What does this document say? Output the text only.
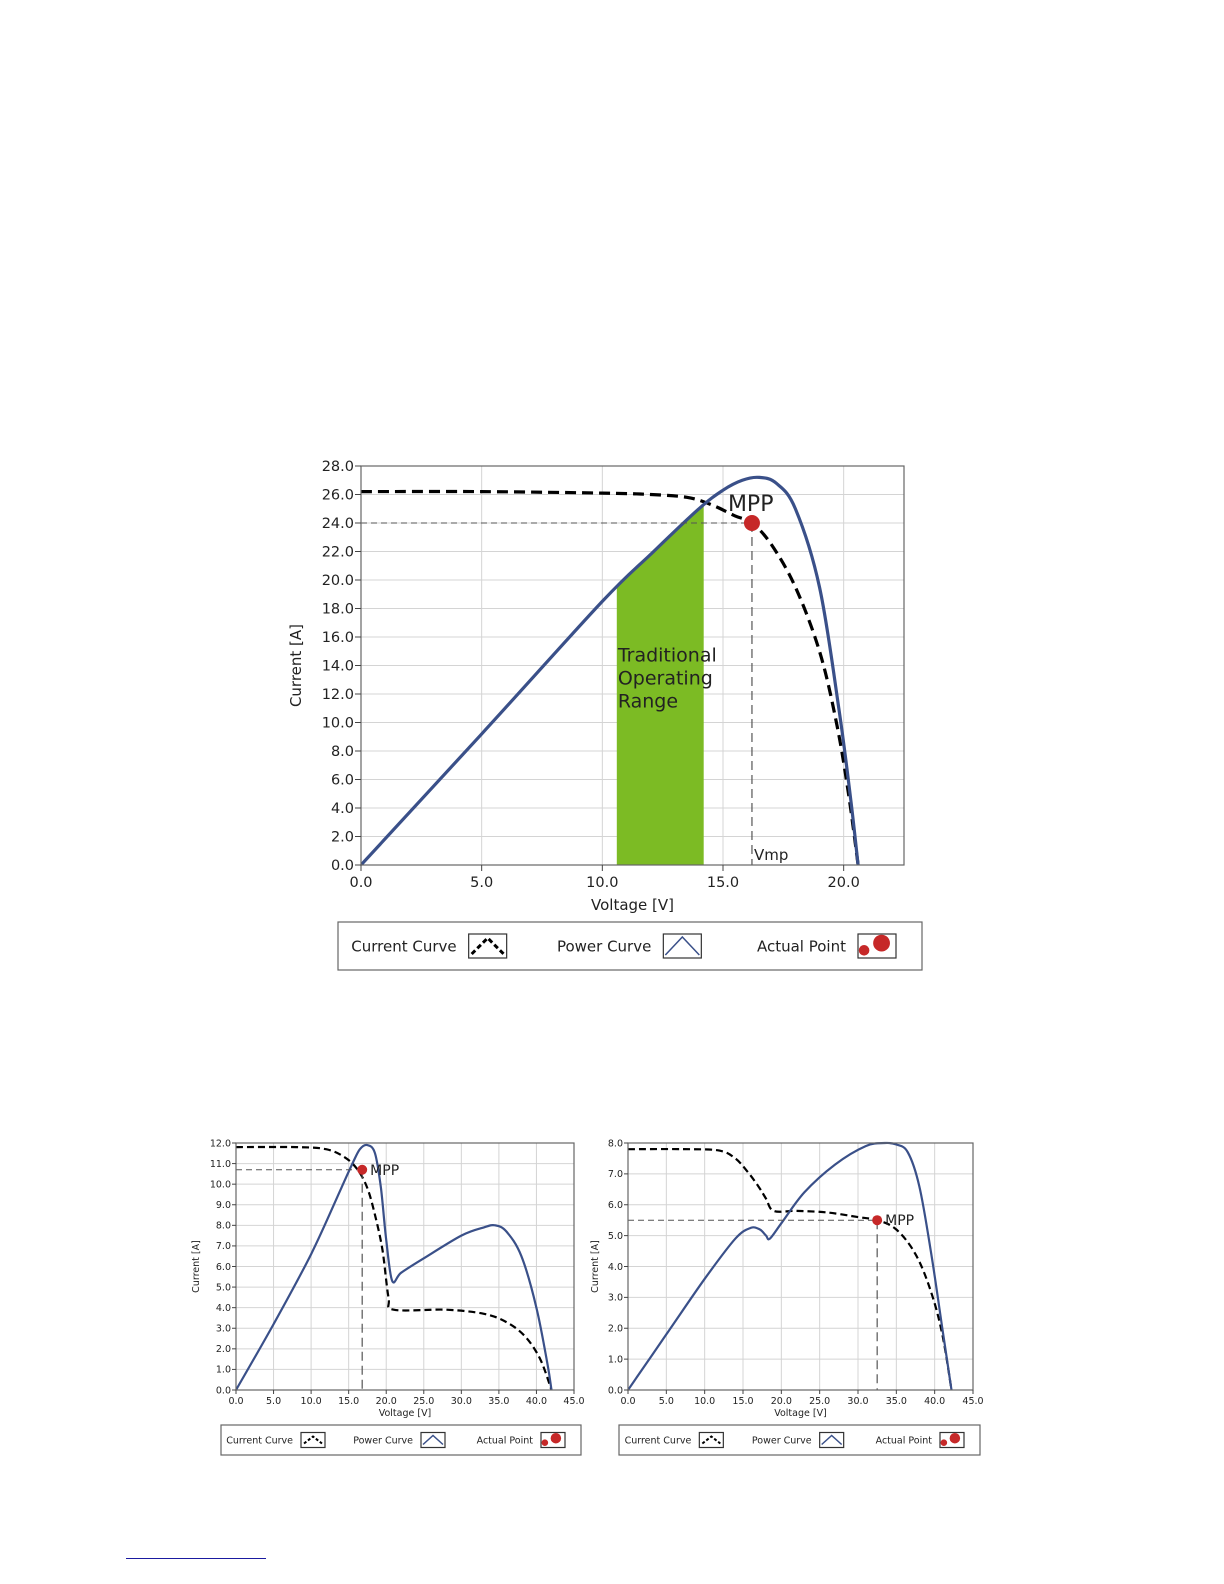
Traditional Operating Range
MPP
Vmp
0.0
2.0
4.0
6.0
8.0
10.0
12.0
14.0
16.0
18.0
20.0
22.0
24.0
26.0
28.0
0.0	5.0	10.0	15.0	20.0
Voltage [V]
Current [A]
Current Curve	Power Curve	Actual Point
MPP
0.0
1.0
2.0
3.0
4.0
5.0
6.0
7.0
8.0
9.0
10.0
11.0
12.0
0.0 5.0 10.0 15.0 20.0 25.0 30.0 35.0 40.0 45.0
Voltage [V]
Current [A]
Current Curve	Power Curve	Actual Point
MPP
0.0
1.0
2.0
3.0
4.0
5.0
6.0
7.0
8.0
0.0 5.0 10.0 15.0 20.0 25.0 30.0 35.0 40.0 45.0
Voltage [V]
Current [A]
Current Curve	Power Curve	Actual Point
